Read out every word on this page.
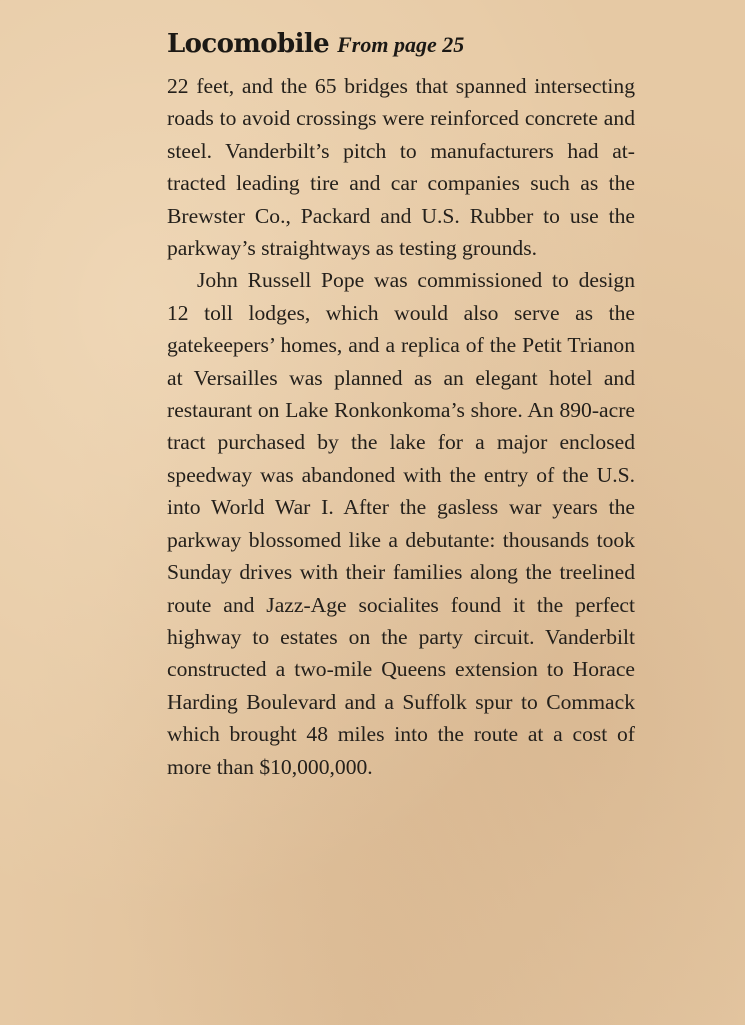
Locomobile From page 25

22 feet, and the 65 bridges that spanned intersecting roads to avoid crossings were reinforced concrete and steel. Vanderbilt’s pitch to manufacturers had attracted leading tire and car companies such as the Brewster Co., Packard and U.S. Rubber to use the parkway’s straightways as testing grounds.

John Russell Pope was commissioned to design 12 toll lodges, which would also serve as the gatekeepers’ homes, and a replica of the Petit Trianon at Versailles was planned as an elegant hotel and restaurant on Lake Ronkonkoma’s shore. An 890-acre tract purchased by the lake for a major enclosed speedway was abandoned with the entry of the U.S. into World War I. After the gasless war years the parkway blossomed like a debutante: thousands took Sunday drives with their families along the treelined route and Jazz-Age socialites found it the perfect highway to estates on the party circuit. Vanderbilt constructed a two-mile Queens extension to Horace Harding Boulevard and a Suffolk spur to Commack which brought 48 miles into the route at a cost of more than $10,000,000.
